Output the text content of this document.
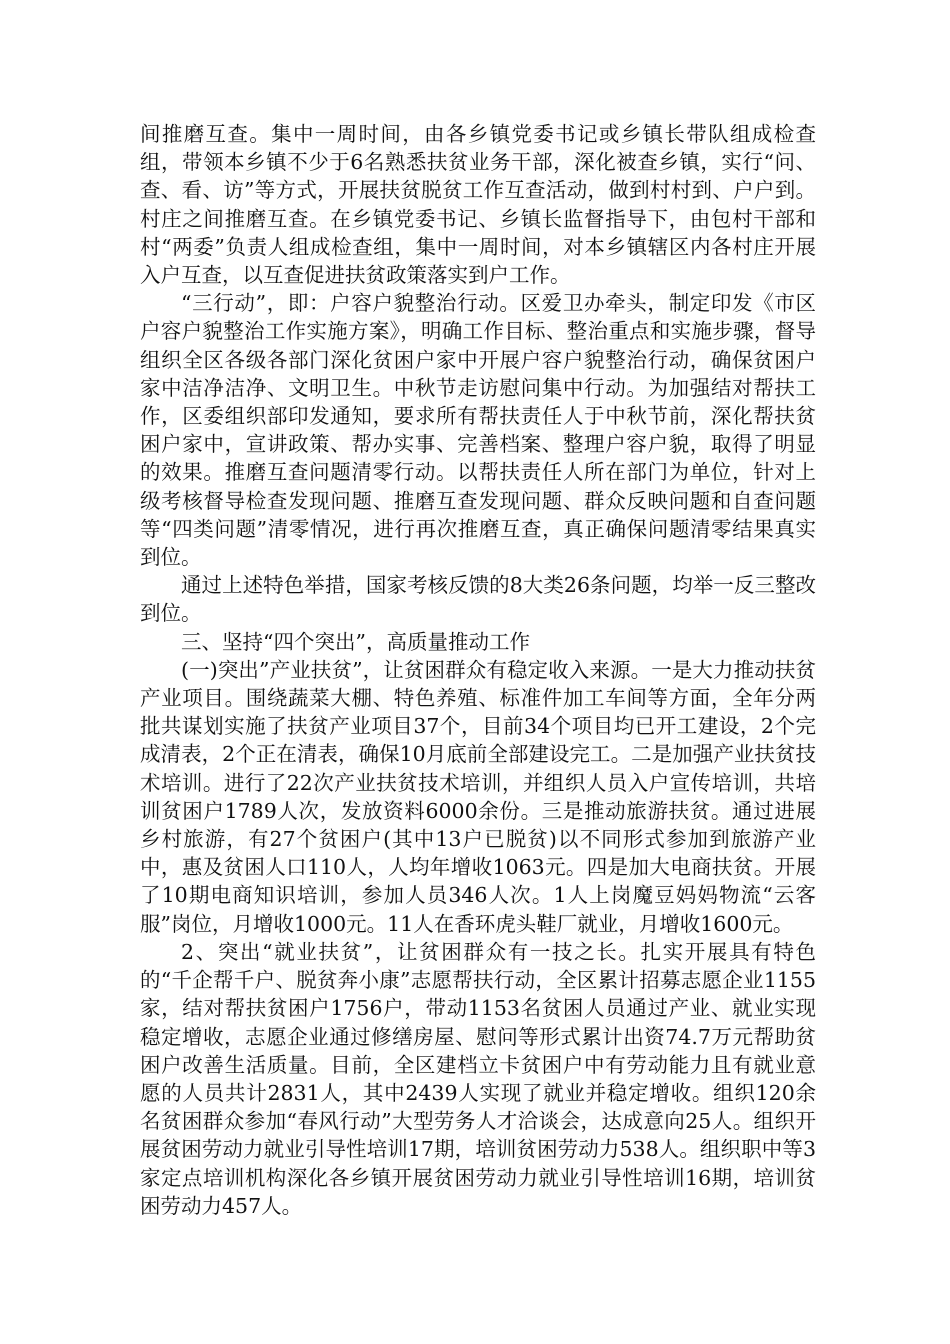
间推磨互查。集中一周时间，由各乡镇党委书记或乡镇长带队组成检查组，带领本乡镇不少于6名熟悉扶贫业务干部，深化被查乡镇，实行“问、查、看、访”等方式，开展扶贫脱贫工作互查活动，做到村村到、户户到。村庄之间推磨互查。在乡镇党委书记、乡镇长监督指导下，由包村干部和村“两委”负责人组成检查组，集中一周时间，对本乡镇辖区内各村庄开展入户互查，以互查促进扶贫政策落实到户工作。

“三行动”，即：户容户貌整治行动。区爱卫办牵头，制定印发《市区户容户貌整治工作实施方案》，明确工作目标、整治重点和实施步骤，督导组织全区各级各部门深化贫困户家中开展户容户貌整治行动，确保贫困户家中洁净洁净、文明卫生。中秋节走访慰问集中行动。为加强结对帮扶工作，区委组织部印发通知，要求所有帮扶责任人于中秋节前，深化帮扶贫困户家中，宣讲政策、帮办实事、完善档案、整理户容户貌，取得了明显的效果。推磨互查问题清零行动。以帮扶责任人所在部门为单位，针对上级考核督导检查发现问题、推磨互查发现问题、群众反映问题和自查问题等“四类问题”清零情况，进行再次推磨互查，真正确保问题清零结果真实到位。

通过上述特色举措，国家考核反馈的8大类26条问题，均举一反三整改到位。

三、坚持“四个突出”，高质量推动工作

(一)突出”产业扶贫”，让贫困群众有稳定收入来源。一是大力推动扶贫产业项目。围绕蔬菜大棚、特色养殖、标准件加工车间等方面，全年分两批共谋划实施了扶贫产业项目37个，目前34个项目均已开工建设，2个完成清表，2个正在清表，确保10月底前全部建设完工。二是加强产业扶贫技术培训。进行了22次产业扶贫技术培训，并组织人员入户宣传培训，共培训贫困户1789人次，发放资料6000余份。三是推动旅游扶贫。通过进展乡村旅游，有27个贫困户(其中13户已脱贫)以不同形式参加到旅游产业中，惠及贫困人口110人，人均年增收1063元。四是加大电商扶贫。开展了10期电商知识培训，参加人员346人次。1人上岗魔豆妈妈物流“云客服”岗位，月增收1000元。11人在香环虎头鞋厂就业，月增收1600元。

2、突出“就业扶贫”，让贫困群众有一技之长。扎实开展具有特色的“千企帮千户、脱贫奔小康”志愿帮扶行动，全区累计招募志愿企业1155家，结对帮扶贫困户1756户，带动1153名贫困人员通过产业、就业实现稳定增收，志愿企业通过修缮房屋、慰问等形式累计出资74.7万元帮助贫困户改善生活质量。目前，全区建档立卡贫困户中有劳动能力且有就业意愿的人员共计2831人，其中2439人实现了就业并稳定增收。组织120余名贫困群众参加“春风行动”大型劳务人才洽谈会，达成意向25人。组织开展贫困劳动力就业引导性培训17期，培训贫困劳动力538人。组织职中等3家定点培训机构深化各乡镇开展贫困劳动力就业引导性培训16期，培训贫困劳动力457人。
